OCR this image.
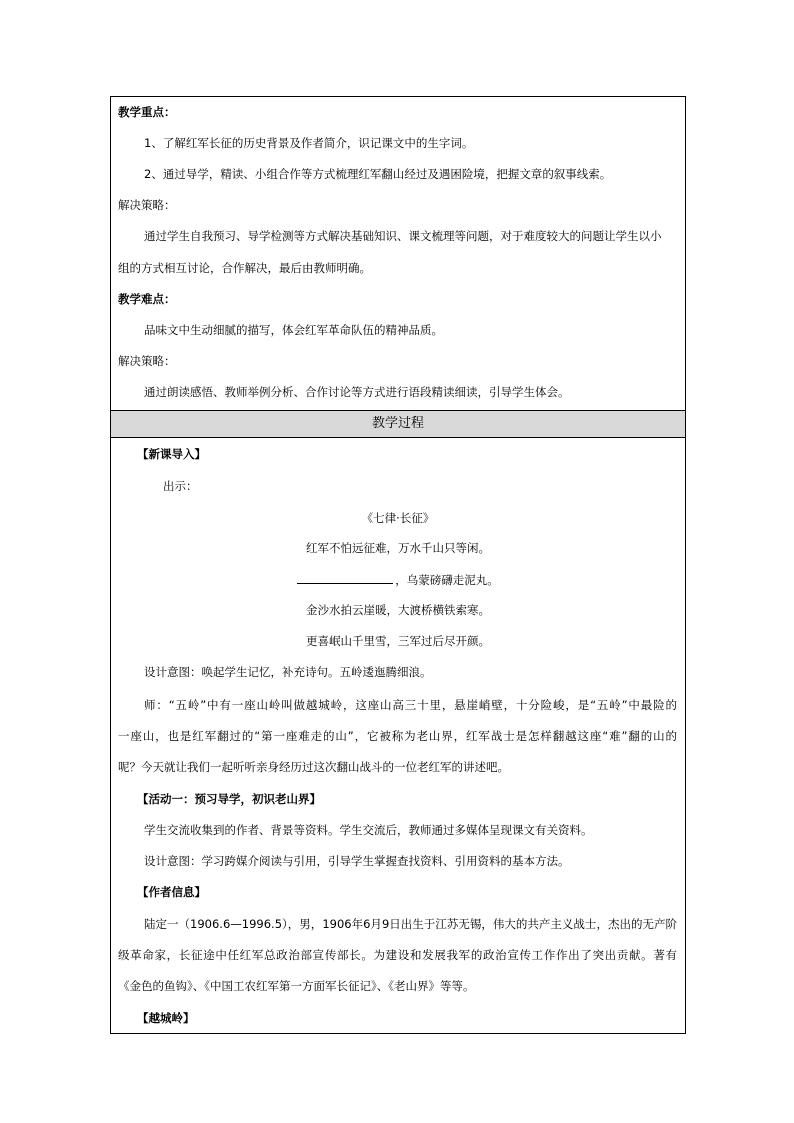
教学重点：
1、了解红军长征的历史背景及作者简介，识记课文中的生字词。
2、通过导学，精读、小组合作等方式梳理红军翻山经过及遇困险境，把握文章的叙事线索。
解决策略：
通过学生自我预习、导学检测等方式解决基础知识、课文梳理等问题，对于难度较大的问题让学生以小
组的方式相互讨论，合作解决，最后由教师明确。
教学难点：
品味文中生动细腻的描写，体会红军革命队伍的精神品质。
解决策略：
通过朗读感悟、教师举例分析、合作讨论等方式进行语段精读细读，引导学生体会。
教学过程
【新课导入】
出示：
《七律·长征》
红军不怕远征难，万水千山只等闲。
，乌蒙磅礴走泥丸。
金沙水拍云崖暖，大渡桥横铁索寒。
更喜岷山千里雪，三军过后尽开颜。
设计意图：唤起学生记忆，补充诗句。五岭逶迤腾细浪。
师：“五岭”中有一座山岭叫做越城岭，这座山高三十里，悬崖峭壁，十分险峻，是“五岭”中最险的
一座山，也是红军翻过的“第一座难走的山”，它被称为老山界，红军战士是怎样翻越这座“难”翻的山的
呢？今天就让我们一起听听亲身经历过这次翻山战斗的一位老红军的讲述吧。
【活动一：预习导学，初识老山界】
学生交流收集到的作者、背景等资料。学生交流后，教师通过多媒体呈现课文有关资料。
设计意图：学习跨媒介阅读与引用，引导学生掌握查找资料、引用资料的基本方法。
【作者信息】
陆定一（1906.6—1996.5），男，1906年6月9日出生于江苏无锡，伟大的共产主义战士，杰出的无产阶
级革命家，长征途中任红军总政治部宣传部长。为建设和发展我军的政治宣传工作作出了突出贡献。著有
《金色的鱼钩》、《中国工农红军第一方面军长征记》、《老山界》等等。
【越城岭】
